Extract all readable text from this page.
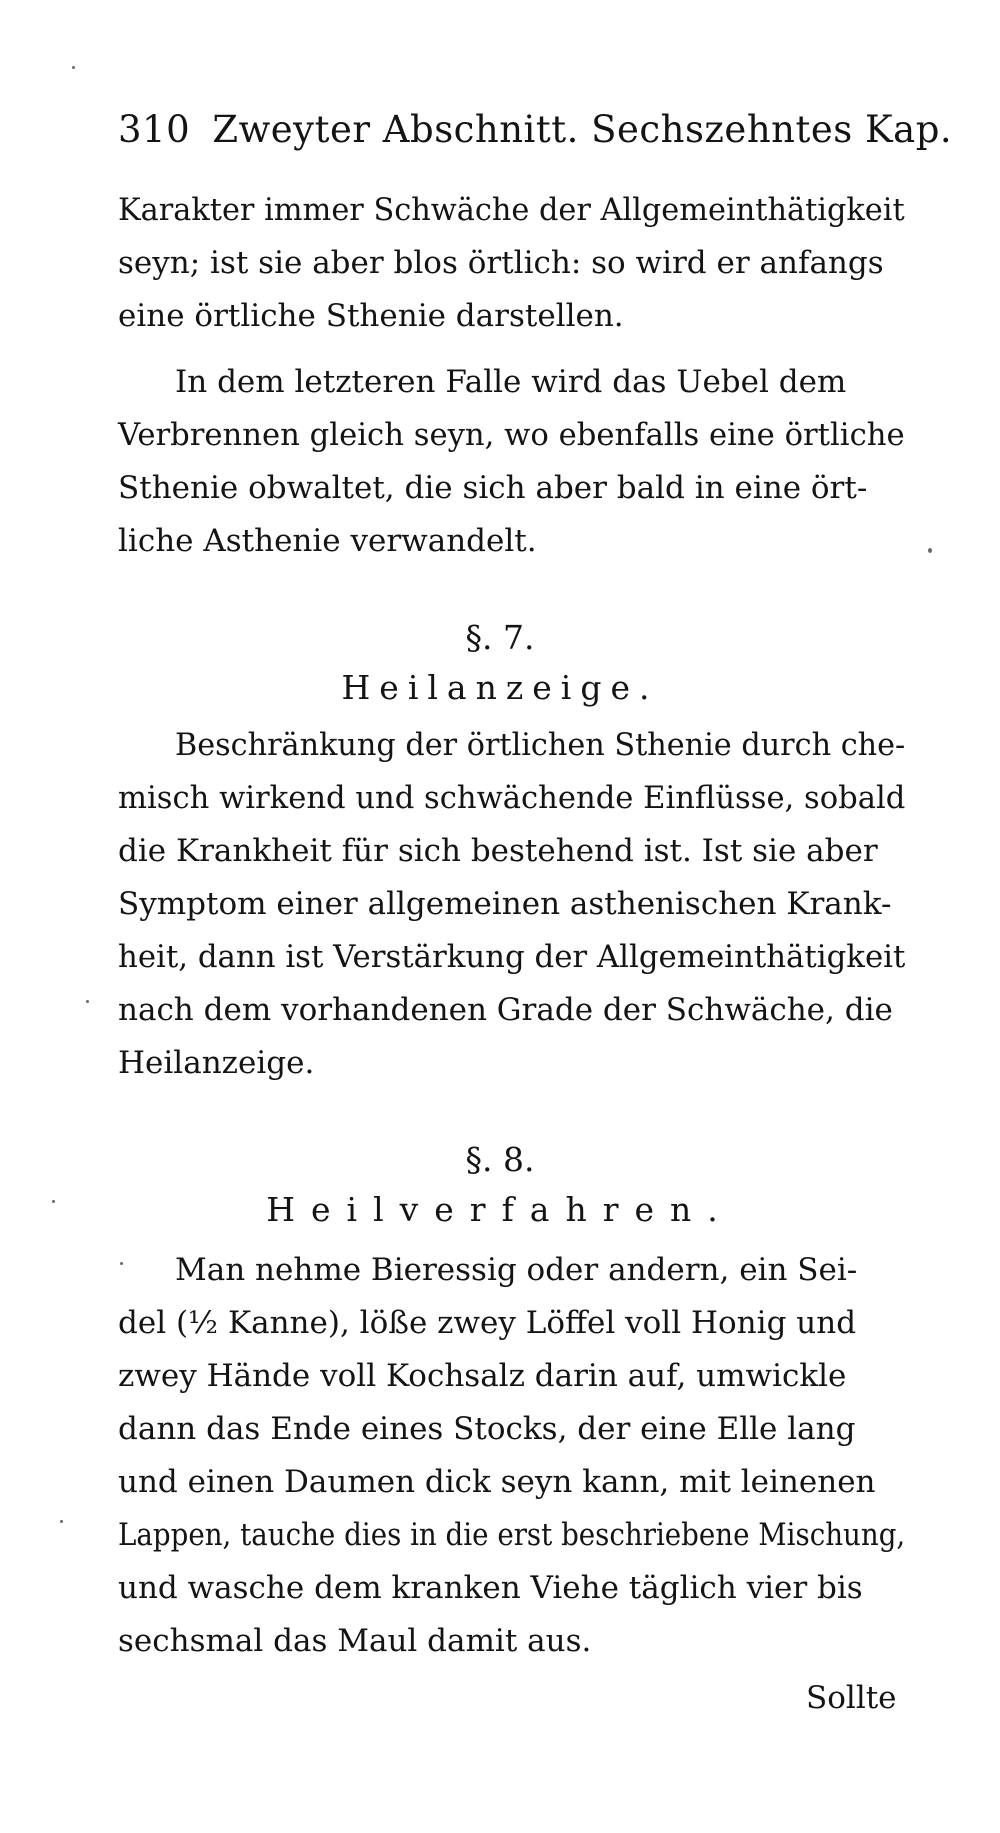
310 Zweyter Abschnitt. Sechszehntes Kap.
Karakter immer Schwäche der Allgemeinthätigkeit
seyn; ist sie aber blos örtlich: so wird er anfangs
eine örtliche Sthenie darstellen.
In dem letzteren Falle wird das Uebel dem
Verbrennen gleich seyn, wo ebenfalls eine örtliche
Sthenie obwaltet, die sich aber bald in eine ört-
liche Asthenie verwandelt.
§. 7.
Heilanzeige.
Beschränkung der örtlichen Sthenie durch che-
misch wirkend und schwächende Einflüsse, sobald
die Krankheit für sich bestehend ist. Ist sie aber
Symptom einer allgemeinen asthenischen Krank-
heit, dann ist Verstärkung der Allgemeinthätigkeit
nach dem vorhandenen Grade der Schwäche, die
Heilanzeige.
§. 8.
Heilverfahren.
Man nehme Bieressig oder andern, ein Sei-
del (½ Kanne), löße zwey Löffel voll Honig und
zwey Hände voll Kochsalz darin auf, umwickle
dann das Ende eines Stocks, der eine Elle lang
und einen Daumen dick seyn kann, mit leinenen
Lappen, tauche dies in die erst beschriebene Mischung,
und wasche dem kranken Viehe täglich vier bis
sechsmal das Maul damit aus.
Sollte
